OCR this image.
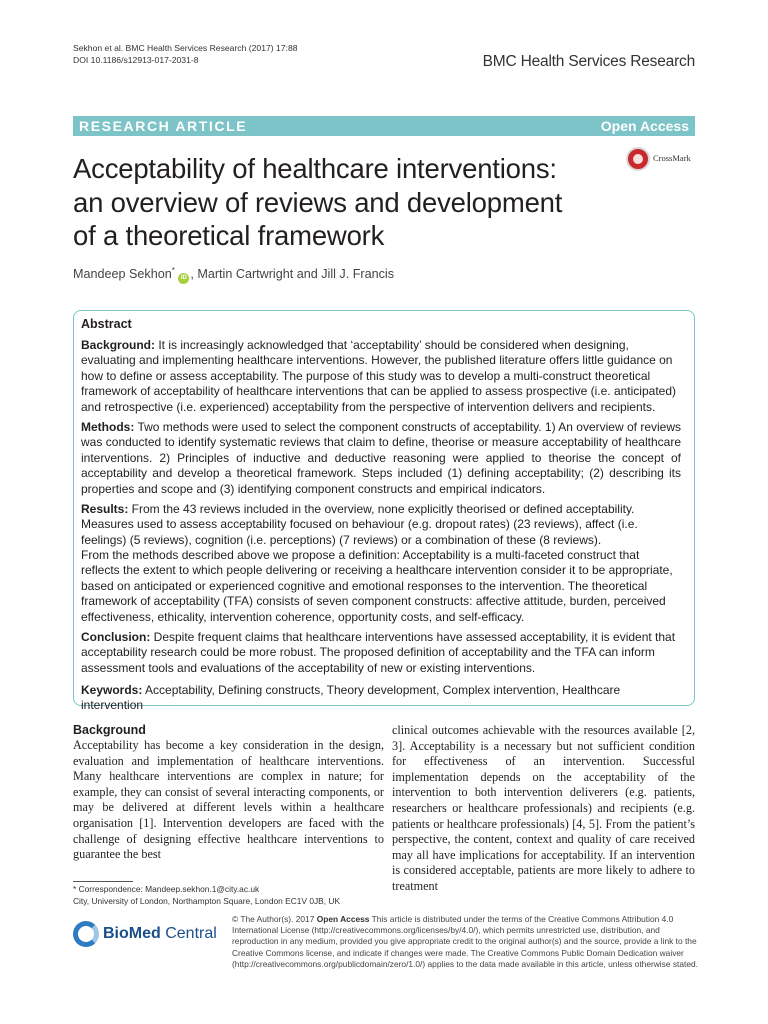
Sekhon et al. BMC Health Services Research (2017) 17:88
DOI 10.1186/s12913-017-2031-8	BMC Health Services Research
RESEARCH ARTICLE	Open Access
Acceptability of healthcare interventions:
an overview of reviews and development
of a theoretical framework
CrossMark
Mandeep Sekhon* iD , Martin Cartwright and Jill J. Francis
Abstract
Background: It is increasingly acknowledged that ‘acceptability’ should be considered when designing, evaluating and implementing healthcare interventions. However, the published literature offers little guidance on how to define or assess acceptability. The purpose of this study was to develop a multi-construct theoretical framework of acceptability of healthcare interventions that can be applied to assess prospective (i.e. anticipated) and retrospective (i.e. experienced) acceptability from the perspective of intervention delivers and recipients.
Methods: Two methods were used to select the component constructs of acceptability. 1) An overview of reviews was conducted to identify systematic reviews that claim to define, theorise or measure acceptability of healthcare interventions. 2) Principles of inductive and deductive reasoning were applied to theorise the concept of acceptability and develop a theoretical framework. Steps included (1) defining acceptability; (2) describing its properties and scope and (3) identifying component constructs and empirical indicators.
Results: From the 43 reviews included in the overview, none explicitly theorised or defined acceptability. Measures used to assess acceptability focused on behaviour (e.g. dropout rates) (23 reviews), affect (i.e. feelings) (5 reviews), cognition (i.e. perceptions) (7 reviews) or a combination of these (8 reviews).
From the methods described above we propose a definition: Acceptability is a multi-faceted construct that reflects the extent to which people delivering or receiving a healthcare intervention consider it to be appropriate, based on anticipated or experienced cognitive and emotional responses to the intervention. The theoretical framework of acceptability (TFA) consists of seven component constructs: affective attitude, burden, perceived effectiveness, ethicality, intervention coherence, opportunity costs, and self-efficacy.
Conclusion: Despite frequent claims that healthcare interventions have assessed acceptability, it is evident that acceptability research could be more robust. The proposed definition of acceptability and the TFA can inform assessment tools and evaluations of the acceptability of new or existing interventions.
Keywords: Acceptability, Defining constructs, Theory development, Complex intervention, Healthcare intervention
Background
Acceptability has become a key consideration in the design, evaluation and implementation of healthcare interventions. Many healthcare interventions are complex in nature; for example, they can consist of several interacting components, or may be delivered at different levels within a healthcare organisation [1]. Intervention developers are faced with the challenge of designing effective healthcare interventions to guarantee the best
clinical outcomes achievable with the resources available [2, 3]. Acceptability is a necessary but not sufficient condition for effectiveness of an intervention. Successful implementation depends on the acceptability of the intervention to both intervention deliverers (e.g. patients, researchers or healthcare professionals) and recipients (e.g. patients or healthcare professionals) [4, 5]. From the patient’s perspective, the content, context and quality of care received may all have implications for acceptability. If an intervention is considered acceptable, patients are more likely to adhere to treatment
* Correspondence: Mandeep.sekhon.1@city.ac.uk
City, University of London, Northampton Square, London EC1V 0JB, UK
BioMed Central
© The Author(s). 2017 Open Access This article is distributed under the terms of the Creative Commons Attribution 4.0 International License (http://creativecommons.org/licenses/by/4.0/), which permits unrestricted use, distribution, and reproduction in any medium, provided you give appropriate credit to the original author(s) and the source, provide a link to the Creative Commons license, and indicate if changes were made. The Creative Commons Public Domain Dedication waiver (http://creativecommons.org/publicdomain/zero/1.0/) applies to the data made available in this article, unless otherwise stated.
